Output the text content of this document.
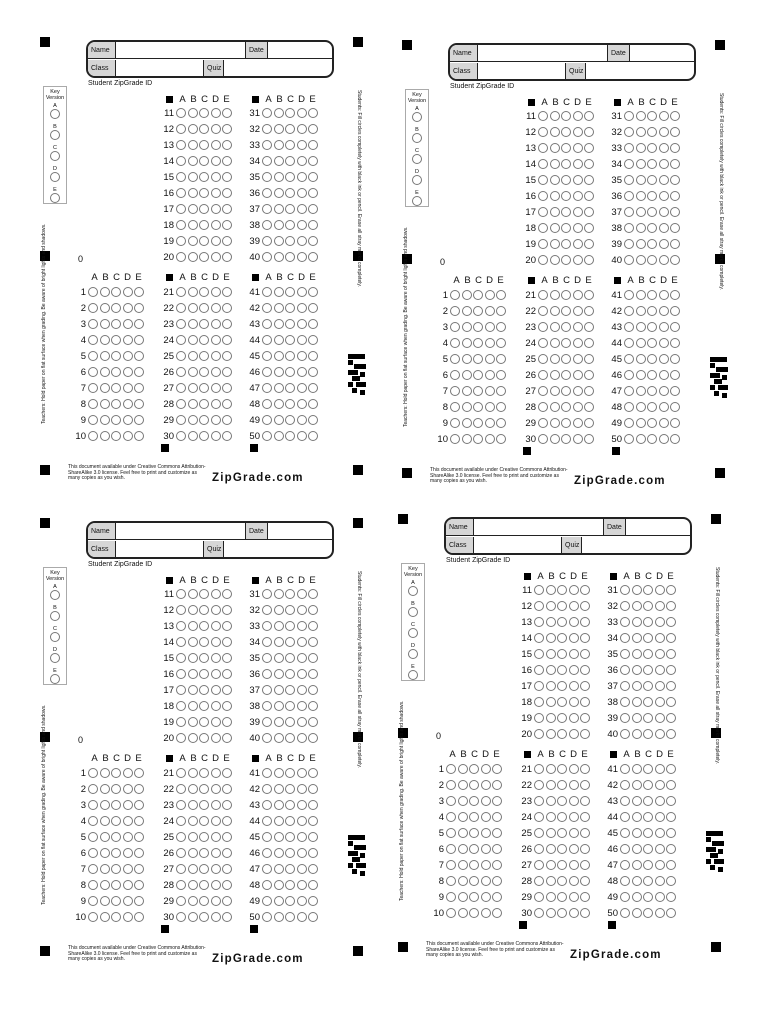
Name	Date
Class	Quiz
Student ZipGrade ID
Key Version
A
B
C
D
E
0
A B C D E
11
12
13
14
15
16
17
18
19
20
A B C D E
31
32
33
34
35
36
37
38
39
40
A B C D E
1
2
3
4
5
6
7
8
9
10
A B C D E
21
22
23
24
25
26
27
28
29
30
A B C D E
41
42
43
44
45
46
47
48
49
50
Students: Fill circles completely with black ink or pencil. Erase all stray marks completely.
Teachers: Hold paper on flat surface when grading. Be aware of bright lights and shadows.
This document available under Creative Commons Attribution-ShareAlike 3.0 license. Feel free to print and customize as many copies as you wish.	ZipGrade.com
Name	Date
Class	Quiz
Student ZipGrade ID
Key Version
A
B
C
D
E
0
A B C D E
11
12
13
14
15
16
17
18
19
20
A B C D E
31
32
33
34
35
36
37
38
39
40
A B C D E
1
2
3
4
5
6
7
8
9
10
A B C D E
21
22
23
24
25
26
27
28
29
30
A B C D E
41
42
43
44
45
46
47
48
49
50
Students: Fill circles completely with black ink or pencil. Erase all stray marks completely.
Teachers: Hold paper on flat surface when grading. Be aware of bright lights and shadows.
This document available under Creative Commons Attribution-ShareAlike 3.0 license. Feel free to print and customize as many copies as you wish.	ZipGrade.com
Name	Date
Class	Quiz
Student ZipGrade ID
Key Version
A
B
C
D
E
0
A B C D E
11
12
13
14
15
16
17
18
19
20
A B C D E
31
32
33
34
35
36
37
38
39
40
A B C D E
1
2
3
4
5
6
7
8
9
10
A B C D E
21
22
23
24
25
26
27
28
29
30
A B C D E
41
42
43
44
45
46
47
48
49
50
Students: Fill circles completely with black ink or pencil. Erase all stray marks completely.
Teachers: Hold paper on flat surface when grading. Be aware of bright lights and shadows.
This document available under Creative Commons Attribution-ShareAlike 3.0 license. Feel free to print and customize as many copies as you wish.	ZipGrade.com
Name	Date
Class	Quiz
Student ZipGrade ID
Key Version
A
B
C
D
E
0
A B C D E
11
12
13
14
15
16
17
18
19
20
A B C D E
31
32
33
34
35
36
37
38
39
40
A B C D E
1
2
3
4
5
6
7
8
9
10
A B C D E
21
22
23
24
25
26
27
28
29
30
A B C D E
41
42
43
44
45
46
47
48
49
50
Students: Fill circles completely with black ink or pencil. Erase all stray marks completely.
Teachers: Hold paper on flat surface when grading. Be aware of bright lights and shadows.
This document available under Creative Commons Attribution-ShareAlike 3.0 license. Feel free to print and customize as many copies as you wish.	ZipGrade.com
